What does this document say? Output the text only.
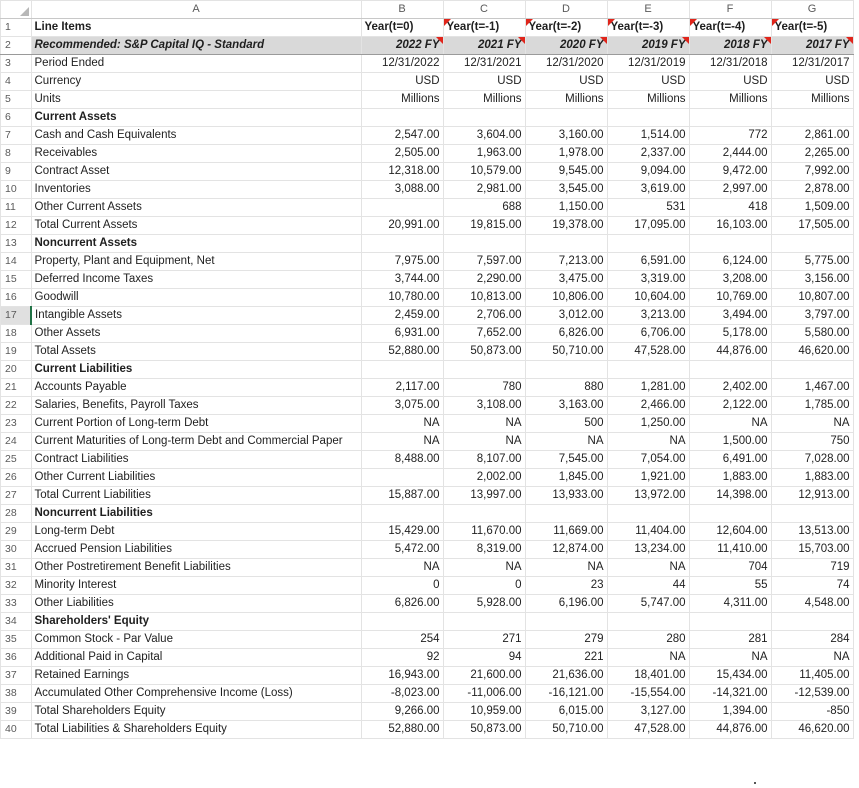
	A	B	C	D	E	F	G
1	Line Items	Year(t=0)	Year(t=-1)	Year(t=-2)	Year(t=-3)	Year(t=-4)	Year(t=-5)

2	Recommended: S&P Capital IQ - Standard	2022 FY	2021 FY	2020 FY	2019 FY	2018 FY	2017 FY

3	Period Ended	12/31/2022	12/31/2021	12/31/2020	12/31/2019	12/31/2018	12/31/2017
4	Currency	USD	USD	USD	USD	USD	USD
5	Units	Millions	Millions	Millions	Millions	Millions	Millions
6	Current Assets						
7	Cash and Cash Equivalents	2,547.00	3,604.00	3,160.00	1,514.00	772	2,861.00
8	Receivables	2,505.00	1,963.00	1,978.00	2,337.00	2,444.00	2,265.00
9	Contract Asset	12,318.00	10,579.00	9,545.00	9,094.00	9,472.00	7,992.00
10	Inventories	3,088.00	2,981.00	3,545.00	3,619.00	2,997.00	2,878.00
11	Other Current Assets		688	1,150.00	531	418	1,509.00
12	Total Current Assets	20,991.00	19,815.00	19,378.00	17,095.00	16,103.00	17,505.00
13	Noncurrent Assets						
14	Property, Plant and Equipment, Net	7,975.00	7,597.00	7,213.00	6,591.00	6,124.00	5,775.00
15	Deferred Income Taxes	3,744.00	2,290.00	3,475.00	3,319.00	3,208.00	3,156.00
16	Goodwill	10,780.00	10,813.00	10,806.00	10,604.00	10,769.00	10,807.00
17	Intangible Assets	2,459.00	2,706.00	3,012.00	3,213.00	3,494.00	3,797.00
18	Other Assets	6,931.00	7,652.00	6,826.00	6,706.00	5,178.00	5,580.00
19	Total Assets	52,880.00	50,873.00	50,710.00	47,528.00	44,876.00	46,620.00
20	Current Liabilities						
21	Accounts Payable	2,117.00	780	880	1,281.00	2,402.00	1,467.00
22	Salaries, Benefits, Payroll Taxes	3,075.00	3,108.00	3,163.00	2,466.00	2,122.00	1,785.00
23	Current Portion of Long-term Debt	NA	NA	500	1,250.00	NA	NA
24	Current Maturities of Long-term Debt and Commercial Paper	NA	NA	NA	NA	1,500.00	750
25	Contract Liabilities	8,488.00	8,107.00	7,545.00	7,054.00	6,491.00	7,028.00
26	Other Current Liabilities		2,002.00	1,845.00	1,921.00	1,883.00	1,883.00
27	Total Current Liabilities	15,887.00	13,997.00	13,933.00	13,972.00	14,398.00	12,913.00
28	Noncurrent Liabilities						
29	Long-term Debt	15,429.00	11,670.00	11,669.00	11,404.00	12,604.00	13,513.00
30	Accrued Pension Liabilities	5,472.00	8,319.00	12,874.00	13,234.00	11,410.00	15,703.00
31	Other Postretirement Benefit Liabilities	NA	NA	NA	NA	704	719
32	Minority Interest	0	0	23	44	55	74
33	Other Liabilities	6,826.00	5,928.00	6,196.00	5,747.00	4,311.00	4,548.00
34	Shareholders' Equity						
35	Common Stock - Par Value	254	271	279	280	281	284
36	Additional Paid in Capital	92	94	221	NA	NA	NA
37	Retained Earnings	16,943.00	21,600.00	21,636.00	18,401.00	15,434.00	11,405.00
38	Accumulated Other Comprehensive Income (Loss)	-8,023.00	-11,006.00	-16,121.00	-15,554.00	-14,321.00	-12,539.00
39	Total Shareholders Equity	9,266.00	10,959.00	6,015.00	3,127.00	1,394.00	-850
40	Total Liabilities & Shareholders Equity	52,880.00	50,873.00	50,710.00	47,528.00	44,876.00	46,620.00
